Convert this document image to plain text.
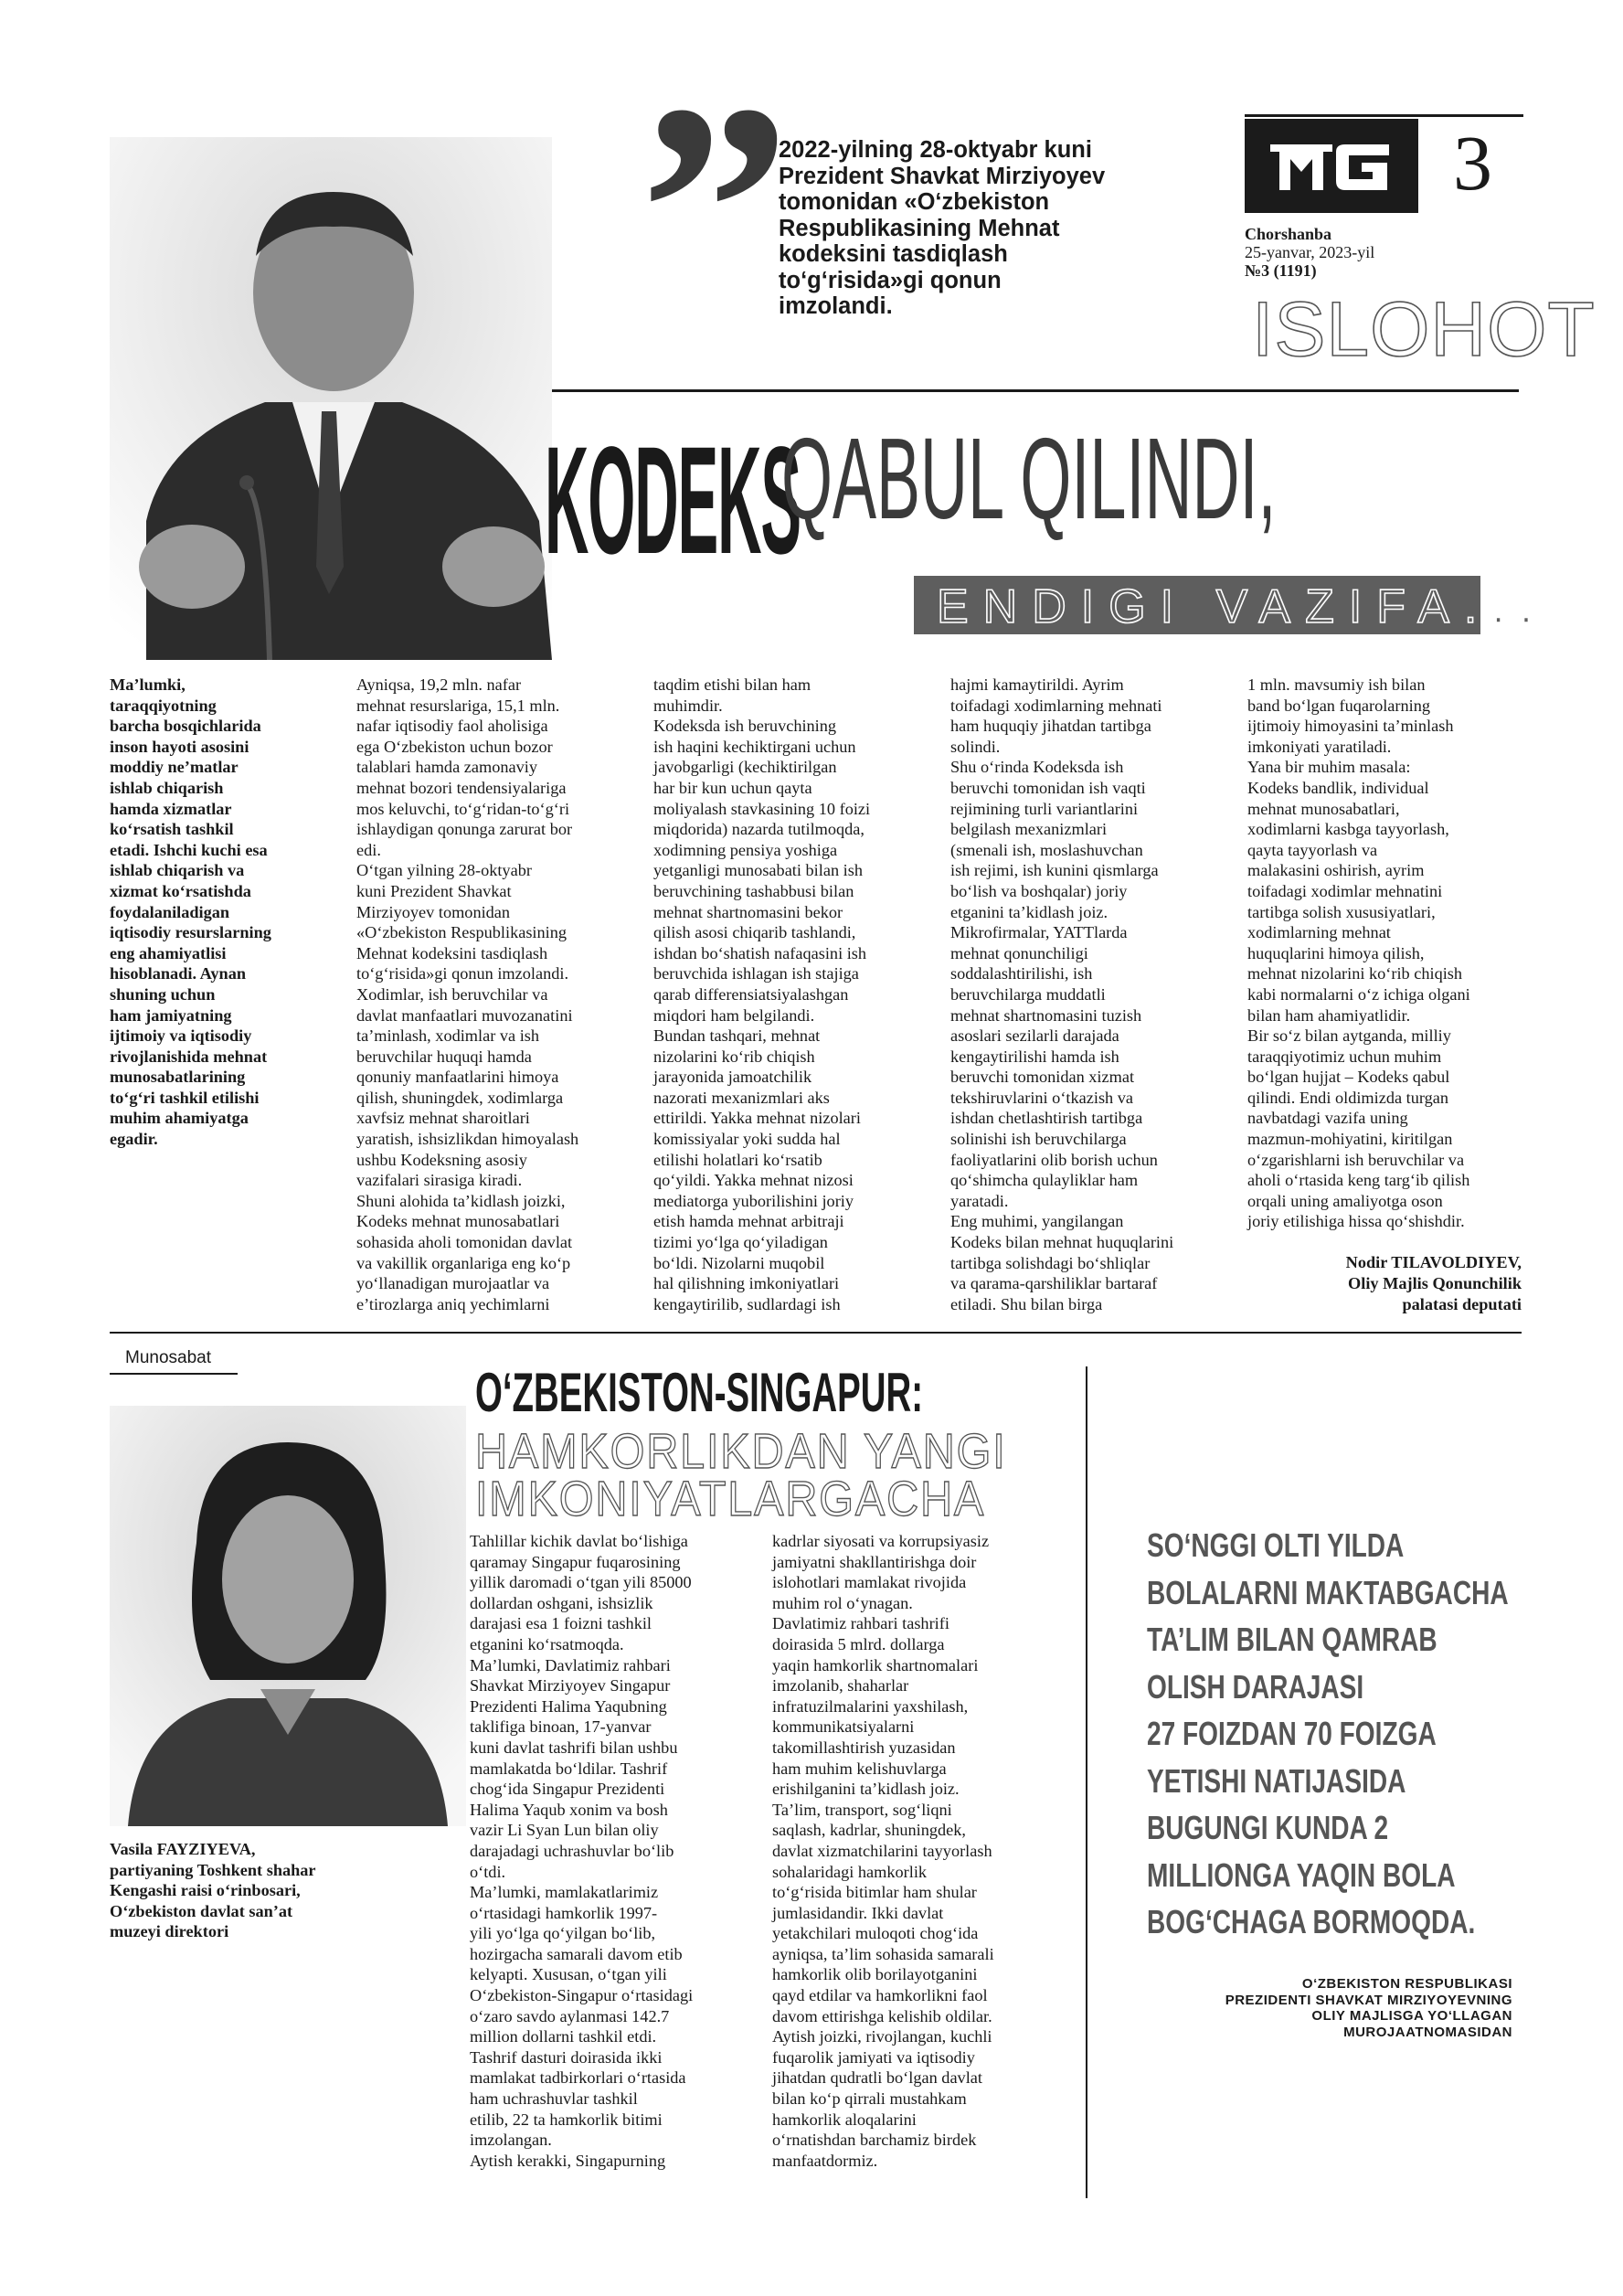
3
Chorshanba
25-yanvar, 2023-yil
№3 (1191)
ISLOHOT
”
2022-yilning 28-oktyabr kuni
Prezident Shavkat Mirziyoyev
tomonidan «O‘zbekiston
Respublikasining Mehnat
kodeksini tasdiqlash
to‘g‘risida»gi qonun
imzolandi.
KODEKS
QABUL QILINDI,
ENDIGI VAZIFA...

Ma’lumki,
taraqqiyotning
barcha bosqichlarida
inson hayoti asosini
moddiy ne’matlar
ishlab chiqarish
hamda xizmatlar
ko‘rsatish tashkil
etadi. Ishchi kuchi esa
ishlab chiqarish va
xizmat ko‘rsatishda
foydalaniladigan
iqtisodiy resurslarning
eng ahamiyatlisi
hisoblanadi. Aynan
shuning uchun
ham jamiyatning
ijtimoiy va iqtisodiy
rivojlanishida mehnat
munosabatlarining
to‘g‘ri tashkil etilishi
muhim ahamiyatga
egadir.

Ayniqsa, 19,2 mln. nafar
mehnat resurslariga, 15,1 mln.
nafar iqtisodiy faol aholisiga
ega O‘zbekiston uchun bozor
talablari hamda zamonaviy
mehnat bozori tendensiyalariga
mos keluvchi, to‘g‘ridan-to‘g‘ri
ishlaydigan qonunga zarurat bor
edi.
O‘tgan yilning 28-oktyabr
kuni Prezident Shavkat
Mirziyoyev tomonidan
«O‘zbekiston Respublikasining
Mehnat kodeksini tasdiqlash
to‘g‘risida»gi qonun imzolandi.
Xodimlar, ish beruvchilar va
davlat manfaatlari muvozanatini
ta’minlash, xodimlar va ish
beruvchilar huquqi hamda
qonuniy manfaatlarini himoya
qilish, shuningdek, xodimlarga
xavfsiz mehnat sharoitlari
yaratish, ishsizlikdan himoyalash
ushbu Kodeksning asosiy
vazifalari sirasiga kiradi.
Shuni alohida ta’kidlash joizki,
Kodeks mehnat munosabatlari
sohasida aholi tomonidan davlat
va vakillik organlariga eng ko‘p
yo‘llanadigan murojaatlar va
e’tirozlarga aniq yechimlarni

taqdim etishi bilan ham
muhimdir.
Kodeksda ish beruvchining
ish haqini kechiktirgani uchun
javobgarligi (kechiktirilgan
har bir kun uchun qayta
moliyalash stavkasining 10 foizi
miqdorida) nazarda tutilmoqda,
xodimning pensiya yoshiga
yetganligi munosabati bilan ish
beruvchining tashabbusi bilan
mehnat shartnomasini bekor
qilish asosi chiqarib tashlandi,
ishdan bo‘shatish nafaqasini ish
beruvchida ishlagan ish stajiga
qarab differensiatsiyalashgan
miqdori ham belgilandi.
Bundan tashqari, mehnat
nizolarini ko‘rib chiqish
jarayonida jamoatchilik
nazorati mexanizmlari aks
ettirildi. Yakka mehnat nizolari
komissiyalar yoki sudda hal
etilishi holatlari ko‘rsatib
qo‘yildi. Yakka mehnat nizosi
mediatorga yuborilishini joriy
etish hamda mehnat arbitraji
tizimi yo‘lga qo‘yiladigan
bo‘ldi. Nizolarni muqobil
hal qilishning imkoniyatlari
kengaytirilib, sudlardagi ish

hajmi kamaytirildi. Ayrim
toifadagi xodimlarning mehnati
ham huquqiy jihatdan tartibga
solindi.
Shu o‘rinda Kodeksda ish
beruvchi tomonidan ish vaqti
rejimining turli variantlarini
belgilash mexanizmlari
(smenali ish, moslashuvchan
ish rejimi, ish kunini qismlarga
bo‘lish va boshqalar) joriy
etganini ta’kidlash joiz.
Mikrofirmalar, YATTlarda
mehnat qonunchiligi
soddalashtirilishi, ish
beruvchilarga muddatli
mehnat shartnomasini tuzish
asoslari sezilarli darajada
kengaytirilishi hamda ish
beruvchi tomonidan xizmat
tekshiruvlarini o‘tkazish va
ishdan chetlashtirish tartibga
solinishi ish beruvchilarga
faoliyatlarini olib borish uchun
qo‘shimcha qulayliklar ham
yaratadi.
Eng muhimi, yangilangan
Kodeks bilan mehnat huquqlarini
tartibga solishdagi bo‘shliqlar
va qarama-qarshiliklar bartaraf
etiladi. Shu bilan birga

1 mln. mavsumiy ish bilan
band bo‘lgan fuqarolarning
ijtimoiy himoyasini ta’minlash
imkoniyati yaratiladi.
Yana bir muhim masala:
Kodeks bandlik, individual
mehnat munosabatlari,
xodimlarni kasbga tayyorlash,
qayta tayyorlash va
malakasini oshirish, ayrim
toifadagi xodimlar mehnatini
tartibga solish xususiyatlari,
xodimlarning mehnat
huquqlarini himoya qilish,
mehnat nizolarini ko‘rib chiqish
kabi normalarni o‘z ichiga olgani
bilan ham ahamiyatlidir.
Bir so‘z bilan aytganda, milliy
taraqqiyotimiz uchun muhim
bo‘lgan hujjat – Kodeks qabul
qilindi. Endi oldimizda turgan
navbatdagi vazifa uning
mazmun-mohiyatini, kiritilgan
o‘zgarishlarni ish beruvchilar va
aholi o‘rtasida keng targ‘ib qilish
orqali uning amaliyotga oson
joriy etilishiga hissa qo‘shishdir.

Nodir TILAVOLDIYEV,
Oliy Majlis Qonunchilik
palatasi deputati
Munosabat
Vasila FAYZIYEVA,
partiyaning Toshkent shahar
Kengashi raisi o‘rinbosari,
O‘zbekiston davlat san’at
muzeyi direktori
O‘ZBEKISTON-SINGAPUR:
HAMKORLIKDAN YANGI
IMKONIYATLARGACHA

Tahlillar kichik davlat bo‘lishiga
qaramay Singapur fuqarosining
yillik daromadi o‘tgan yili 85000
dollardan oshgani, ishsizlik
darajasi esa 1 foizni tashkil
etganini ko‘rsatmoqda.
Ma’lumki, Davlatimiz rahbari
Shavkat Mirziyoyev Singapur
Prezidenti Halima Yaqubning
taklifiga binoan, 17-yanvar
kuni davlat tashrifi bilan ushbu
mamlakatda bo‘ldilar. Tashrif
chog‘ida Singapur Prezidenti
Halima Yaqub xonim va bosh
vazir Li Syan Lun bilan oliy
darajadagi uchrashuvlar bo‘lib
o‘tdi.
Ma’lumki, mamlakatlarimiz
o‘rtasidagi hamkorlik 1997-
yili yo‘lga qo‘yilgan bo‘lib,
hozirgacha samarali davom etib
kelyapti. Xususan, o‘tgan yili
O‘zbekiston-Singapur o‘rtasidagi
o‘zaro savdo aylanmasi 142.7
million dollarni tashkil etdi.
Tashrif dasturi doirasida ikki
mamlakat tadbirkorlari o‘rtasida
ham uchrashuvlar tashkil
etilib, 22 ta hamkorlik bitimi
imzolangan.
Aytish kerakki, Singapurning

kadrlar siyosati va korrupsiyasiz
jamiyatni shakllantirishga doir
islohotlari mamlakat rivojida
muhim rol o‘ynagan.
Davlatimiz rahbari tashrifi
doirasida 5 mlrd. dollarga
yaqin hamkorlik shartnomalari
imzolanib, shaharlar
infratuzilmalarini yaxshilash,
kommunikatsiyalarni
takomillashtirish yuzasidan
ham muhim kelishuvlarga
erishilganini ta’kidlash joiz.
Ta’lim, transport, sog‘liqni
saqlash, kadrlar, shuningdek,
davlat xizmatchilarini tayyorlash
sohalaridagi hamkorlik
to‘g‘risida bitimlar ham shular
jumlasidandir. Ikki davlat
yetakchilari muloqoti chog‘ida
ayniqsa, ta’lim sohasida samarali
hamkorlik olib borilayotganini
qayd etdilar va hamkorlikni faol
davom ettirishga kelishib oldilar.
Aytish joizki, rivojlangan, kuchli
fuqarolik jamiyati va iqtisodiy
jihatdan qudratli bo‘lgan davlat
bilan ko‘p qirrali mustahkam
hamkorlik aloqalarini
o‘rnatishdan barchamiz birdek
manfaatdormiz.

SO‘NGGI OLTI YILDA
BOLALARNI MAKTABGACHA
TA’LIM BILAN QAMRAB
OLISH DARAJASI
27 FOIZDAN 70 FOIZGA
YETISHI NATIJASIDA
BUGUNGI KUNDA 2
MILLIONGA YAQIN BOLA
BOG‘CHAGA BORMOQDA.
O‘ZBEKISTON RESPUBLIKASI
PREZIDENTI SHAVKAT MIRZIYOYEVNING
OLIY MAJLISGA YO‘LLAGAN
MUROJAATNOMASIDAN
